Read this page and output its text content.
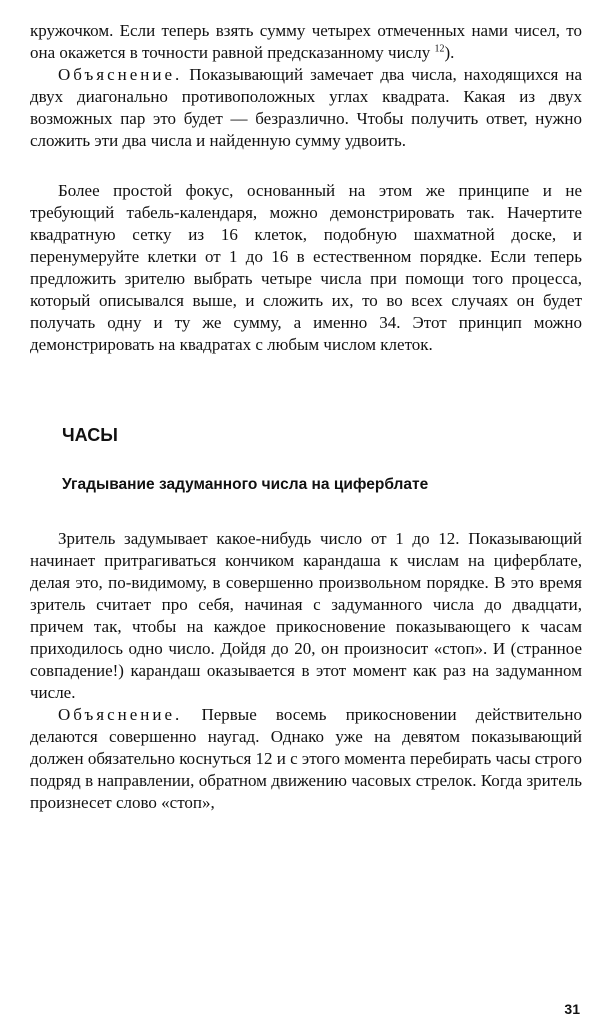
кружочком. Если теперь взять сумму четырех отмеченных нами чисел, то она окажется в точности равной предсказанному числу $^{12}$).

Объяснение. Показывающий замечает два числа, находящихся на двух диагонально противоположных углах квадрата. Какая из двух возможных пар это будет — безразлично. Чтобы получить ответ, нужно сложить эти два числа и найденную сумму удвоить.

Более простой фокус, основанный на этом же принципе и не требующий табель-календаря, можно демонстрировать так. Начертите квадратную сетку из 16 клеток, подобную шахматной доске, и перенумеруйте клетки от 1 до 16 в естественном порядке. Если теперь предложить зрителю выбрать четыре числа при помощи того процесса, который описывался выше, и сложить их, то во всех случаях он будет получать одну и ту же сумму, а именно 34. Этот принцип можно демонстрировать на квадратах с любым числом клеток.

ЧАСЫ
Угадывание задуманного числа на циферблате

Зритель задумывает какое-нибудь число от 1 до 12. Показывающий начинает притрагиваться кончиком карандаша к числам на циферблате, делая это, по-видимому, в совершенно произвольном порядке. В это время зритель считает про себя, начиная с задуманного числа до двадцати, причем так, чтобы на каждое прикосновение показывающего к часам приходилось одно число. Дойдя до 20, он произносит «стоп». И (странное совпадение!) карандаш оказывается в этот момент как раз на задуманном числе.

Объяснение. Первые восемь прикосновении действительно делаются совершенно наугад. Однако уже на девятом показывающий должен обязательно коснуться 12 и с этого момента перебирать часы строго подряд в направлении, обратном движению часовых стрелок. Когда зритель произнесет слово «стоп»,

31
